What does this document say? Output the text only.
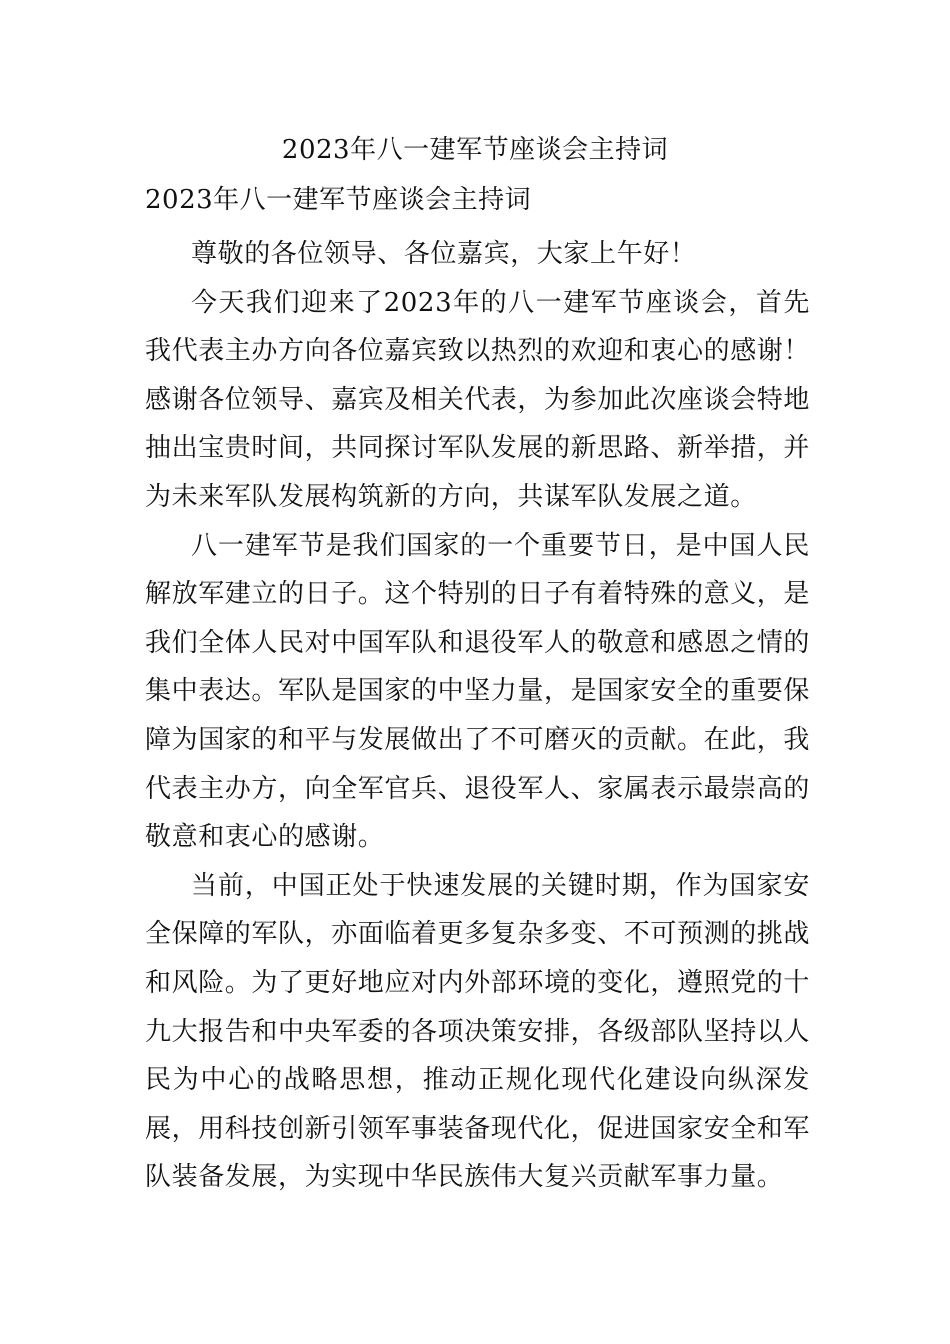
2023年八一建军节座谈会主持词
2023年八一建军节座谈会主持词

尊敬的各位领导、各位嘉宾，大家上午好！

今天我们迎来了2023年的八一建军节座谈会，首先我代表主办方向各位嘉宾致以热烈的欢迎和衷心的感谢！感谢各位领导、嘉宾及相关代表，为参加此次座谈会特地抽出宝贵时间，共同探讨军队发展的新思路、新举措，并为未来军队发展构筑新的方向，共谋军队发展之道。

八一建军节是我们国家的一个重要节日，是中国人民解放军建立的日子。这个特别的日子有着特殊的意义，是我们全体人民对中国军队和退役军人的敬意和感恩之情的集中表达。军队是国家的中坚力量，是国家安全的重要保障为国家的和平与发展做出了不可磨灭的贡献。在此，我代表主办方，向全军官兵、退役军人、家属表示最崇高的敬意和衷心的感谢。

当前，中国正处于快速发展的关键时期，作为国家安全保障的军队，亦面临着更多复杂多变、不可预测的挑战和风险。为了更好地应对内外部环境的变化，遵照党的十九大报告和中央军委的各项决策安排，各级部队坚持以人民为中心的战略思想，推动正规化现代化建设向纵深发展，用科技创新引领军事装备现代化，促进国家安全和军队装备发展，为实现中华民族伟大复兴贡献军事力量。
